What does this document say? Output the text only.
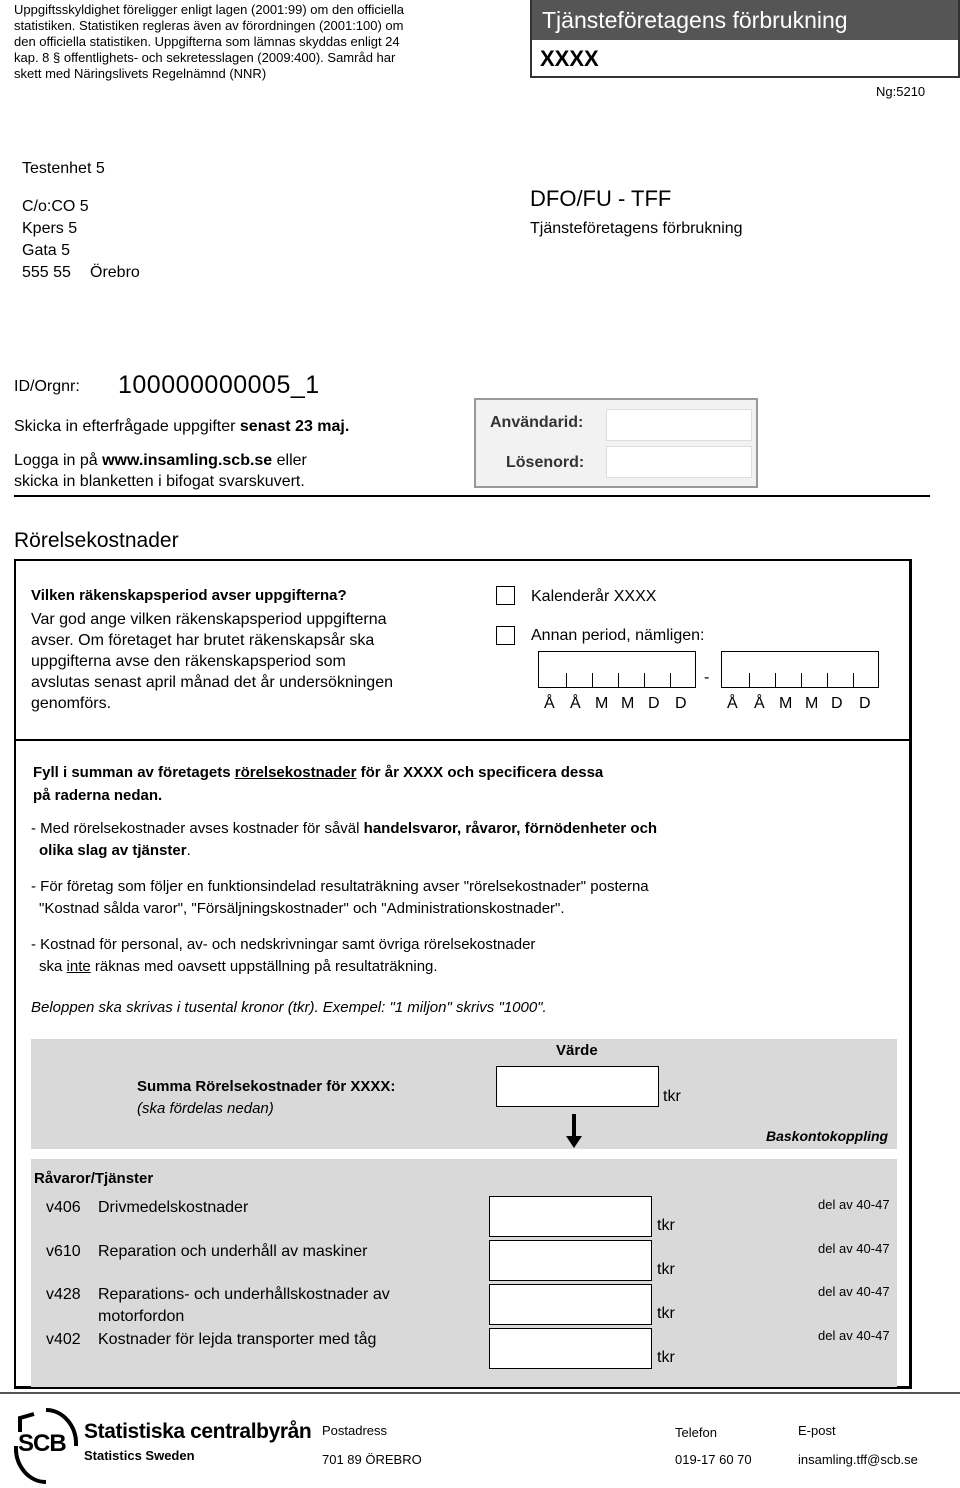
Uppgiftsskyldighet föreligger enligt lagen (2001:99) om den officiella
statistiken. Statistiken regleras även av förordningen (2001:100) om
den officiella statistiken. Uppgifterna som lämnas skyddas enligt 24
kap. 8 § offentlighets- och sekretesslagen (2009:400). Samråd har
skett med Näringslivets Regelnämnd (NNR)
Tjänsteföretagens förbrukning
XXXX
Ng:5210
Testenhet 5
C/o:CO 5
Kpers 5
Gata 5
555 55 Örebro
DFO/FU - TFF
Tjänsteföretagens förbrukning
ID/Orgnr: 100000000005_1
Skicka in efterfrågade uppgifter senast 23 maj.
Logga in på www.insamling.scb.se eller
skicka in blanketten i bifogat svarskuvert.
Användarid:
Lösenord:
Rörelsekostnader
Vilken räkenskapsperiod avser uppgifterna?
Var god ange vilken räkenskapsperiod uppgifterna
avser. Om företaget har brutet räkenskapsår ska
uppgifterna avse den räkenskapsperiod som
avslutas senast april månad det år undersökningen
genomförs.
Kalenderår XXXX
Annan period, nämligen:
-
Å Å M M D D	Å Å M M D D
Fyll i summan av företagets rörelsekostnader för år XXXX och specificera dessa
på raderna nedan.
- Med rörelsekostnader avses kostnader för såväl handelsvaror, råvaror, förnödenheter och
olika slag av tjänster.
- För företag som följer en funktionsindelad resultaträkning avser "rörelsekostnader" posterna
"Kostnad sålda varor", "Försäljningskostnader" och "Administrationskostnader".
- Kostnad för personal, av- och nedskrivningar samt övriga rörelsekostnader
ska inte räknas med oavsett uppställning på resultaträkning.
Beloppen ska skrivas i tusental kronor (tkr). Exempel: "1 miljon" skrivs "1000".
Värde
Summa Rörelsekostnader för XXXX:
(ska fördelas nedan)
tkr
Baskontokoppling
Råvaror/Tjänster
v406 Drivmedelskostnader
tkr
del av 40-47
v610 Reparation och underhåll av maskiner
tkr
del av 40-47
v428 Reparations- och underhållskostnader av
motorfordon	tkr
del av 40-47
v402 Kostnader för lejda transporter med tåg
tkr
del av 40-47
SCB Statistiska centralbyrån
Statistics Sweden
Postadress
701 89 ÖREBRO
Telefon
019-17 60 70
E-post
insamling.tff@scb.se
